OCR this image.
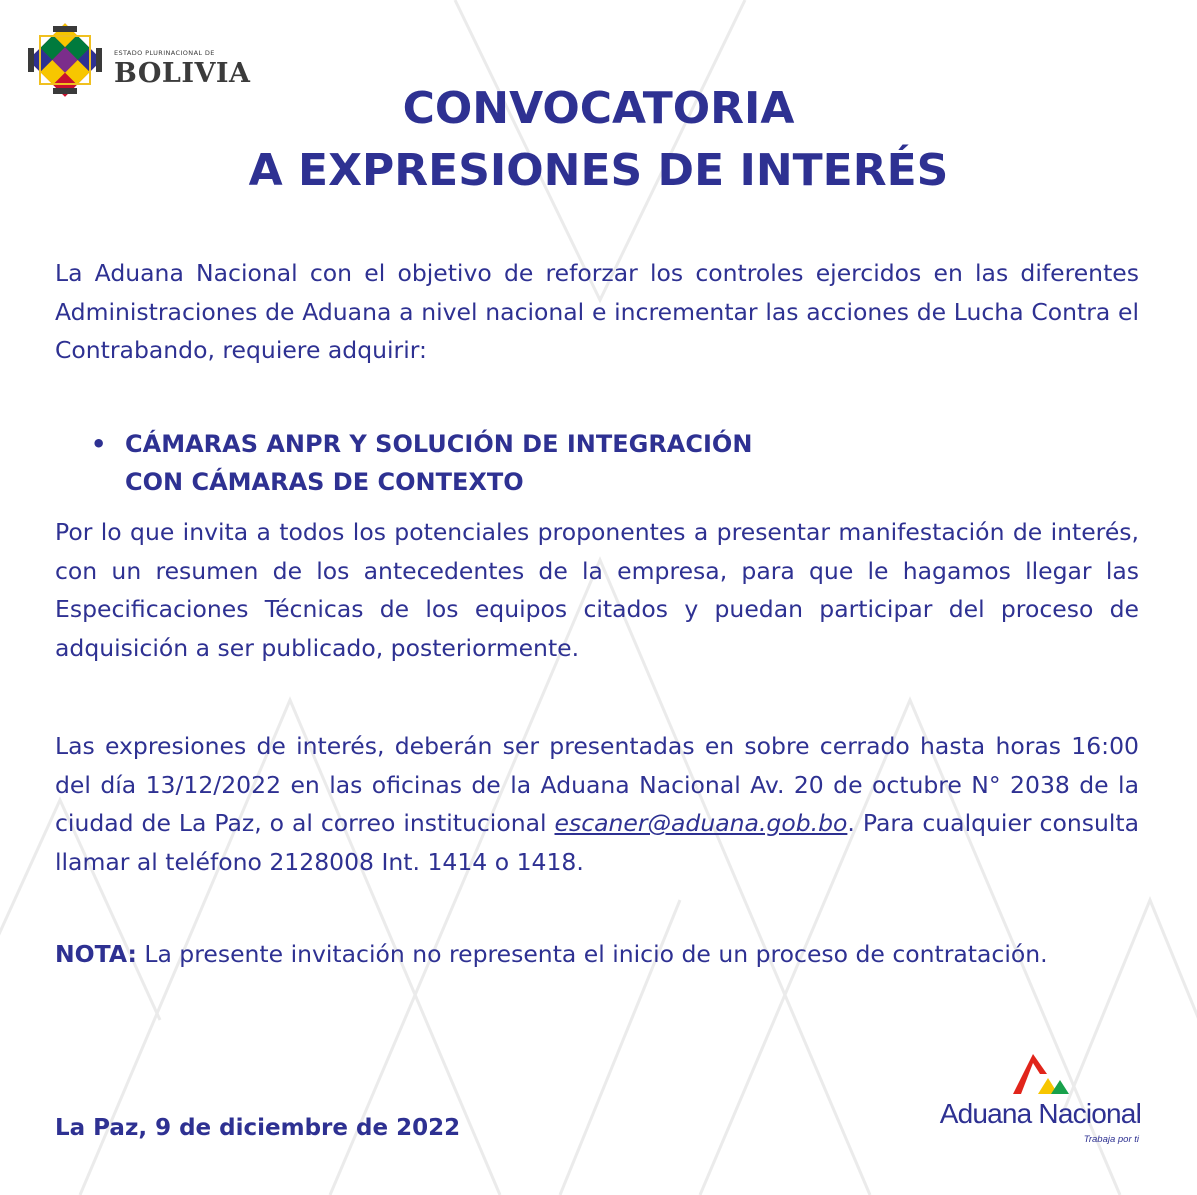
ESTADO PLURINACIONAL DE
BOLIVIA
CONVOCATORIA
A EXPRESIONES DE INTERÉS

La Aduana Nacional con el objetivo de reforzar los controles ejercidos en las diferentes Administraciones de Aduana a nivel nacional e incrementar las acciones de Lucha Contra el Contrabando, requiere adquirir:

• CÁMARAS ANPR Y SOLUCIÓN DE INTEGRACIÓN
CON CÁMARAS DE CONTEXTO

Por lo que invita a todos los potenciales proponentes a presentar manifestación de interés, con un resumen de los antecedentes de la empresa, para que le hagamos llegar las Especificaciones Técnicas de los equipos citados y puedan participar del proceso de adquisición a ser publicado, posteriormente.

Las expresiones de interés, deberán ser presentadas en sobre cerrado hasta horas 16:00 del día 13/12/2022 en las oficinas de la Aduana Nacional Av. 20 de octubre N° 2038 de la ciudad de La Paz, o al correo institucional escaner@aduana.gob.bo. Para cualquier consulta llamar al teléfono 2128008 Int. 1414 o 1418.

NOTA: La presente invitación no representa el inicio de un proceso de contratación.

La Paz, 9 de diciembre de 2022	Aduana Nacional
Trabaja por ti
